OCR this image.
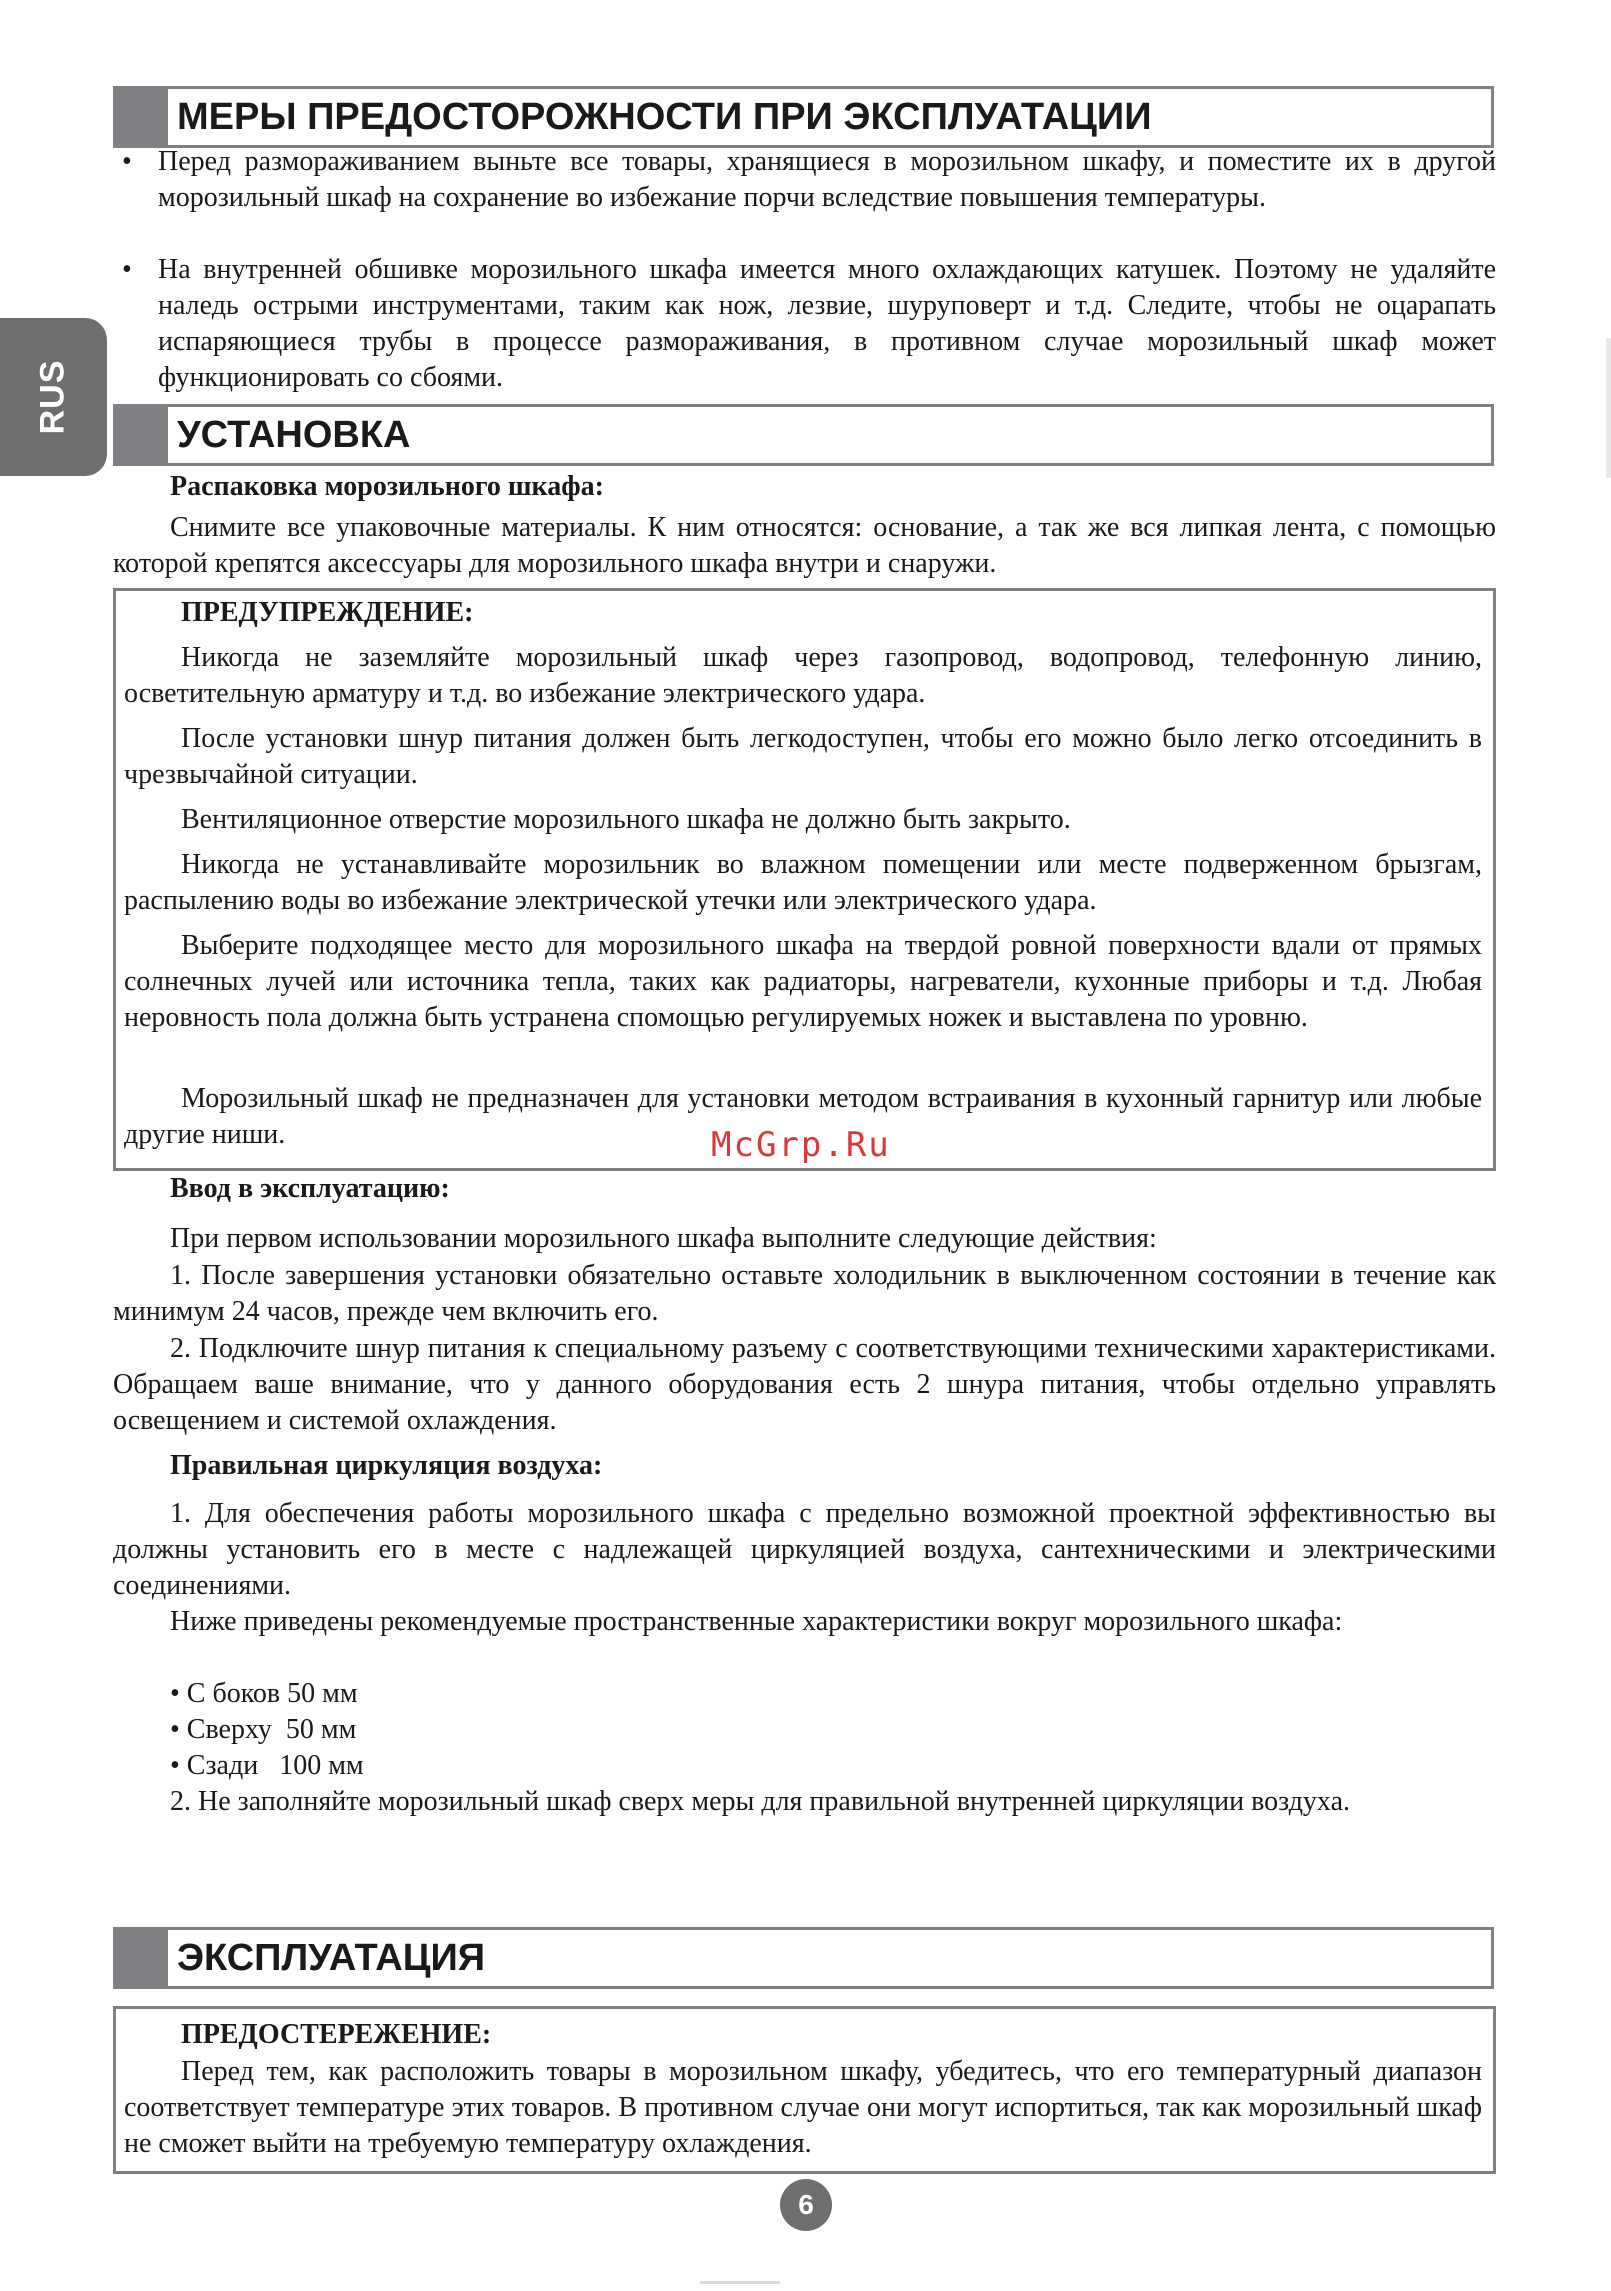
RUS
МЕРЫ ПРЕДОСТОРОЖНОСТИ ПРИ ЭКСПЛУАТАЦИИ
• Перед размораживанием выньте все товары, хранящиеся в морозильном шкафу, и поместите их в другой морозильный шкаф на сохранение во избежание порчи вследствие повышения температуры.
• На внутренней обшивке морозильного шкафа имеется много охлаждающих катушек. Поэтому не удаляйте наледь острыми инструментами, таким как нож, лезвие, шуруповерт и т.д. Следите, чтобы не оцарапать испаряющиеся трубы в процессе размораживания, в противном случае морозильный шкаф может функционировать со сбоями.
УСТАНОВКА
Распаковка морозильного шкафа:
Снимите все упаковочные материалы. К ним относятся: основание, а так же вся липкая лента, с помощью которой крепятся аксессуары для морозильного шкафа внутри и снаружи.
ПРЕДУПРЕЖДЕНИЕ:
Никогда не заземляйте морозильный шкаф через газопровод, водопровод, телефонную линию, осветительную арматуру и т.д. во избежание электрического удара.
После установки шнур питания должен быть легкодоступен, чтобы его можно было легко отсоединить в чрезвычайной ситуации.
Вентиляционное отверстие морозильного шкафа не должно быть закрыто.
Никогда не устанавливайте морозильник во влажном помещении или месте подверженном брызгам, распылению воды во избежание электрической утечки или электрического удара.
Выберите подходящее место для морозильного шкафа на твердой ровной поверхности вдали от прямых солнечных лучей или источника тепла, таких как радиаторы, нагреватели, кухонные приборы и т.д. Любая неровность пола должна быть устранена спомощью регулируемых ножек и выставлена по уровню.
Морозильный шкаф не предназначен для установки методом встраивания в кухонный гарнитур или любые другие ниши.	McGrp.Ru
Ввод в эксплуатацию:
При первом использовании морозильного шкафа выполните следующие действия:
1. После завершения установки обязательно оставьте холодильник в выключенном состоянии в течение как минимум 24 часов, прежде чем включить его.
2. Подключите шнур питания к специальному разъему с соответствующими техническими характеристиками. Обращаем ваше внимание, что у данного оборудования есть 2 шнура питания, чтобы отдельно управлять освещением и системой охлаждения.
Правильная циркуляция воздуха:
1. Для обеспечения работы морозильного шкафа с предельно возможной проектной эффективностью вы должны установить его в месте с надлежащей циркуляцией воздуха, сантехническими и электрическими соединениями.
Ниже приведены рекомендуемые пространственные характеристики вокруг морозильного шкафа:
• С боков 50 мм
• Сверху  50 мм
• Сзади   100 мм
2. Не заполняйте морозильный шкаф сверх меры для правильной внутренней циркуляции воздуха.
ЭКСПЛУАТАЦИЯ
ПРЕДОСТЕРЕЖЕНИЕ:
Перед тем, как расположить товары в морозильном шкафу, убедитесь, что его температурный диапазон соответствует температуре этих товаров. В противном случае они могут испортиться, так как морозильный шкаф не сможет выйти на требуемую температуру охлаждения.
6
